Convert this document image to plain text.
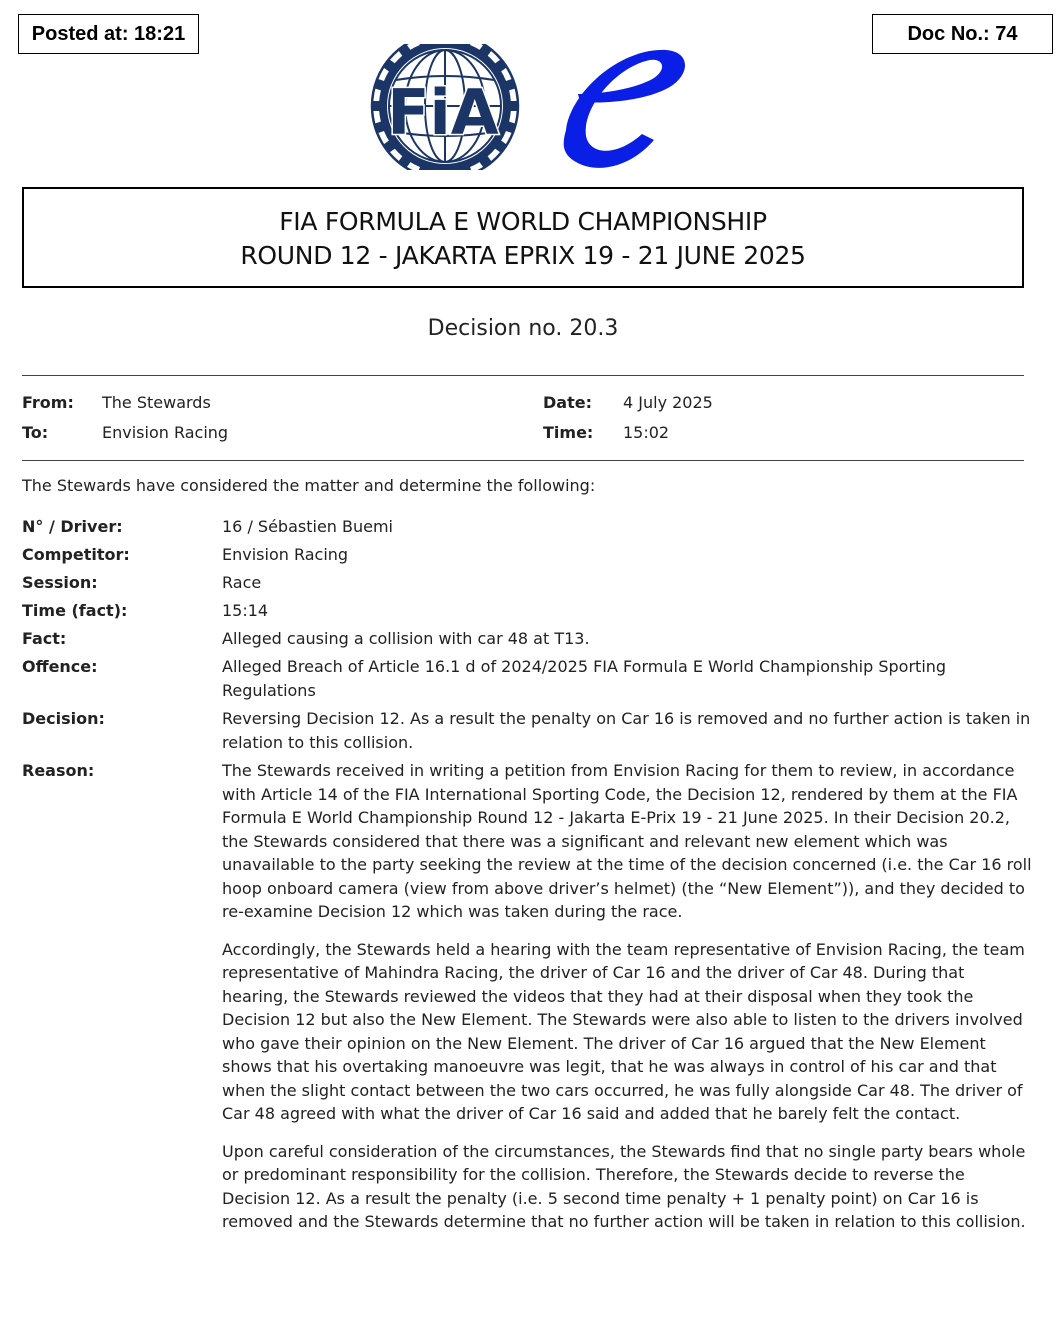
Posted at: 18:21	Doc No.: 74
FiA
FIA FORMULA E WORLD CHAMPIONSHIP
ROUND 12 - JAKARTA EPRIX 19 - 21 JUNE 2025
Decision no. 20.3
From: The Stewards
To:	Envision Racing
Date: 4 July 2025
Time: 15:02
The Stewards have considered the matter and determine the following:
N° / Driver:	16 / Sébastien Buemi
Competitor:	Envision Racing
Session:	Race
Time (fact):	15:14
Fact:	Alleged causing a collision with car 48 at T13.
Offence:	Alleged Breach of Article 16.1 d of 2024/2025 FIA Formula E World Championship Sporting Regulations
Decision:	Reversing Decision 12. As a result the penalty on Car 16 is removed and no further action is taken in relation to this collision.
Reason:	The Stewards received in writing a petition from Envision Racing for them to review, in accordance with Article 14 of the FIA International Sporting Code, the Decision 12, rendered by them at the FIA Formula E World Championship Round 12 - Jakarta E-Prix 19 - 21 June 2025. In their Decision 20.2, the Stewards considered that there was a significant and relevant new element which was unavailable to the party seeking the review at the time of the decision concerned (i.e. the Car 16 roll hoop onboard camera (view from above driver’s helmet) (the “New Element”)), and they decided to re-examine Decision 12 which was taken during the race.

Accordingly, the Stewards held a hearing with the team representative of Envision Racing, the team representative of Mahindra Racing, the driver of Car 16 and the driver of Car 48. During that hearing, the Stewards reviewed the videos that they had at their disposal when they took the Decision 12 but also the New Element. The Stewards were also able to listen to the drivers involved who gave their opinion on the New Element. The driver of Car 16 argued that the New Element shows that his overtaking manoeuvre was legit, that he was always in control of his car and that when the slight contact between the two cars occurred, he was fully alongside Car 48. The driver of Car 48 agreed with what the driver of Car 16 said and added that he barely felt the contact.

Upon careful consideration of the circumstances, the Stewards find that no single party bears whole or predominant responsibility for the collision. Therefore, the Stewards decide to reverse the Decision 12. As a result the penalty (i.e. 5 second time penalty + 1 penalty point) on Car 16 is removed and the Stewards determine that no further action will be taken in relation to this collision.
